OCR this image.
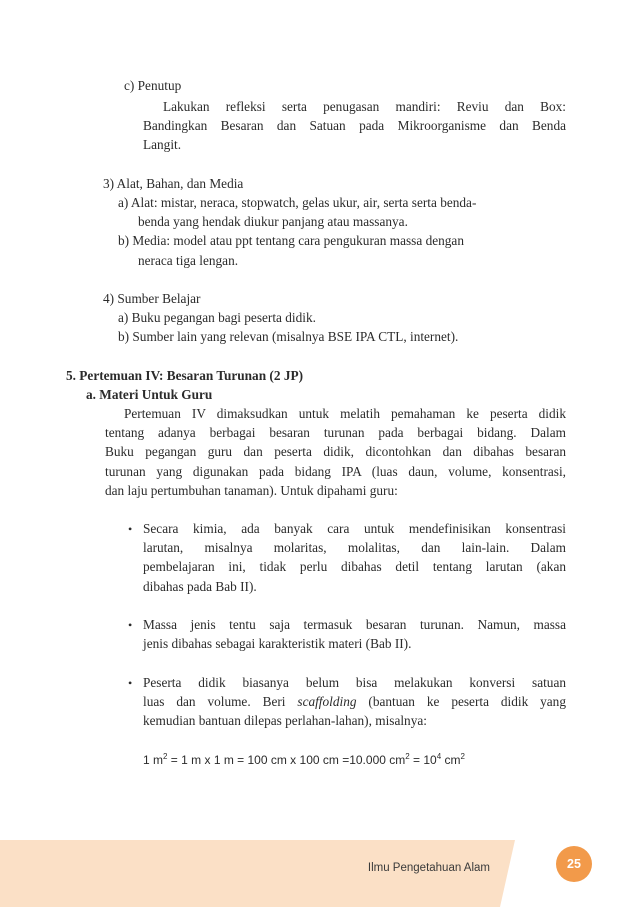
c) Penutup
Lakukan refleksi serta penugasan mandiri: Reviu dan Box:
Bandingkan Besaran dan Satuan pada Mikroorganisme dan Benda
Langit.
3) Alat, Bahan, dan Media
a) Alat: mistar, neraca, stopwatch, gelas ukur, air, serta serta benda-
benda yang hendak diukur panjang atau massanya.
b) Media: model atau ppt tentang cara pengukuran massa dengan
neraca tiga lengan.
4) Sumber Belajar
a) Buku pegangan bagi peserta didik.
b) Sumber lain yang relevan (misalnya BSE IPA CTL, internet).
5. Pertemuan IV: Besaran Turunan (2 JP)
a. Materi Untuk Guru
Pertemuan IV dimaksudkan untuk melatih pemahaman ke peserta didik
tentang adanya berbagai besaran turunan pada berbagai bidang. Dalam
Buku pegangan guru dan peserta didik, dicontohkan dan dibahas besaran
turunan yang digunakan pada bidang IPA (luas daun, volume, konsentrasi,
dan laju pertumbuhan tanaman). Untuk dipahami guru:
• Secara kimia, ada banyak cara untuk mendefinisikan konsentrasi
larutan, misalnya molaritas, molalitas, dan lain-lain. Dalam
pembelajaran ini, tidak perlu dibahas detil tentang larutan (akan
dibahas pada Bab II).
• Massa jenis tentu saja termasuk besaran turunan. Namun, massa
jenis dibahas sebagai karakteristik materi (Bab II).
• Peserta didik biasanya belum bisa melakukan konversi satuan
luas dan volume. Beri scaffolding (bantuan ke peserta didik yang
kemudian bantuan dilepas perlahan-lahan), misalnya:
1 $m^2 = 1$ m x 1 m = 100 cm x 100 cm =10.000 $cm^2 = 10^4$ $cm^2$
Ilmu Pengetahuan Alam	25
